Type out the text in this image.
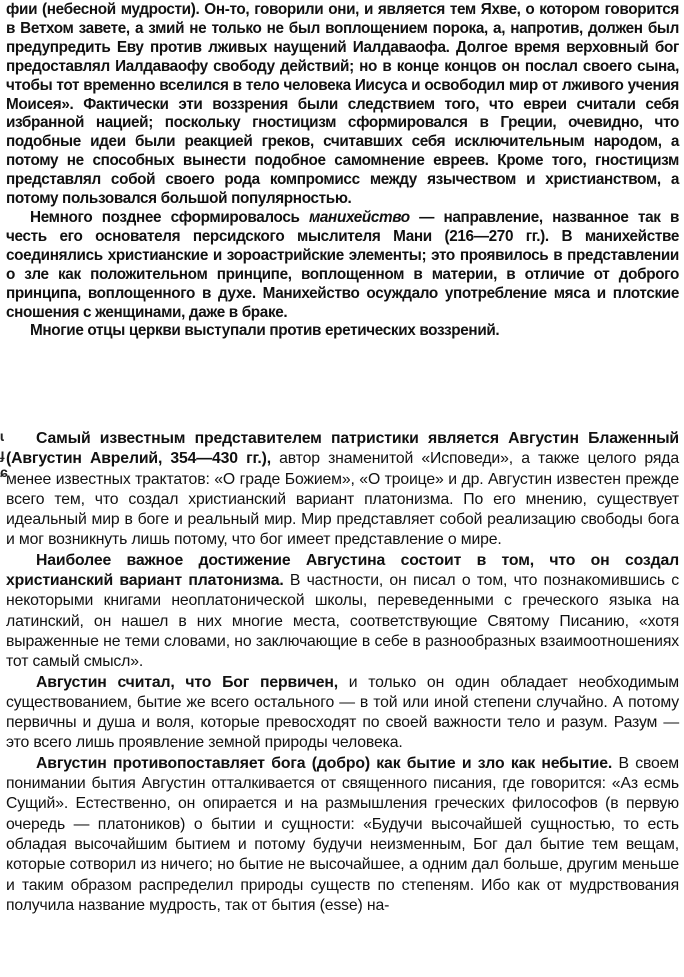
фии (небесной мудрости). Он-то, говорили они, и является тем Яхве, о котором говорится в Ветхом завете, а змий не только не был воплощением порока, а, напротив, должен был предупредить Еву против лживых наущений Иалдаваофа. Долгое время верховный бог предоставлял Иалдаваофу свободу действий; но в конце концов он послал своего сына, чтобы тот временно вселился в тело человека Иисуса и освободил мир от лживого учения Моисея». Фактически эти воззрения были следствием того, что евреи считали себя избранной нацией; поскольку гностицизм сформировался в Греции, очевидно, что подобные идеи были реакцией греков, считавших себя исключительным народом, а потому не способных вынести подобное самомнение евреев. Кроме того, гностицизм представлял собой своего рода компромисс между язычеством и христианством, а потому пользовался большой популярностью.

Немного позднее сформировалось манихейство — направление, названное так в честь его основателя персидского мыслителя Мани (216—270 гг.). В манихействе соединялись христианские и зороастрийские элементы; это проявилось в представлении о зле как положительном принципе, воплощенном в материи, в отличие от доброго принципа, воплощенного в духе. Манихейство осуждало употребление мяса и плотские сношения с женщинами, даже в браке.

Многие отцы церкви выступали против еретических воззрений.

ɩ
ɟ
ɕ

Самый известным представителем патристики является Августин Блаженный (Августин Аврелий, 354—430 гг.), автор знаменитой «Исповеди», а также целого ряда менее известных трактатов: «О граде Божием», «О троице» и др. Августин известен прежде всего тем, что создал христианский вариант платонизма. По его мнению, существует идеальный мир в боге и реальный мир. Мир представляет собой реализацию свободы бога и мог возникнуть лишь потому, что бог имеет представление о мире.

Наиболее важное достижение Августина состоит в том, что он создал христианский вариант платонизма. В частности, он писал о том, что познакомившись с некоторыми книгами неоплатонической школы, переведенными с греческого языка на латинский, он нашел в них многие места, соответствующие Святому Писанию, «хотя выраженные не теми словами, но заключающие в себе в разнообразных взаимоотношениях тот самый смысл».

Августин считал, что Бог первичен, и только он один обладает необходимым существованием, бытие же всего остального — в той или иной степени случайно. А потому первичны и душа и воля, которые превосходят по своей важности тело и разум. Разум — это всего лишь проявление земной природы человека.

Августин противопоставляет бога (добро) как бытие и зло как небытие. В своем понимании бытия Августин отталкивается от священного писания, где говорится: «Аз есмь Сущий». Естественно, он опирается и на размышления греческих философов (в первую очередь — платоников) о бытии и сущности: «Будучи высочайшей сущностью, то есть обладая высочайшим бытием и потому будучи неизменным, Бог дал бытие тем вещам, которые сотворил из ничего; но бытие не высочайшее, а одним дал больше, другим меньше и таким образом распределил природы существ по степеням. Ибо как от мудрствования получила название мудрость, так от бытия (esse) на-
